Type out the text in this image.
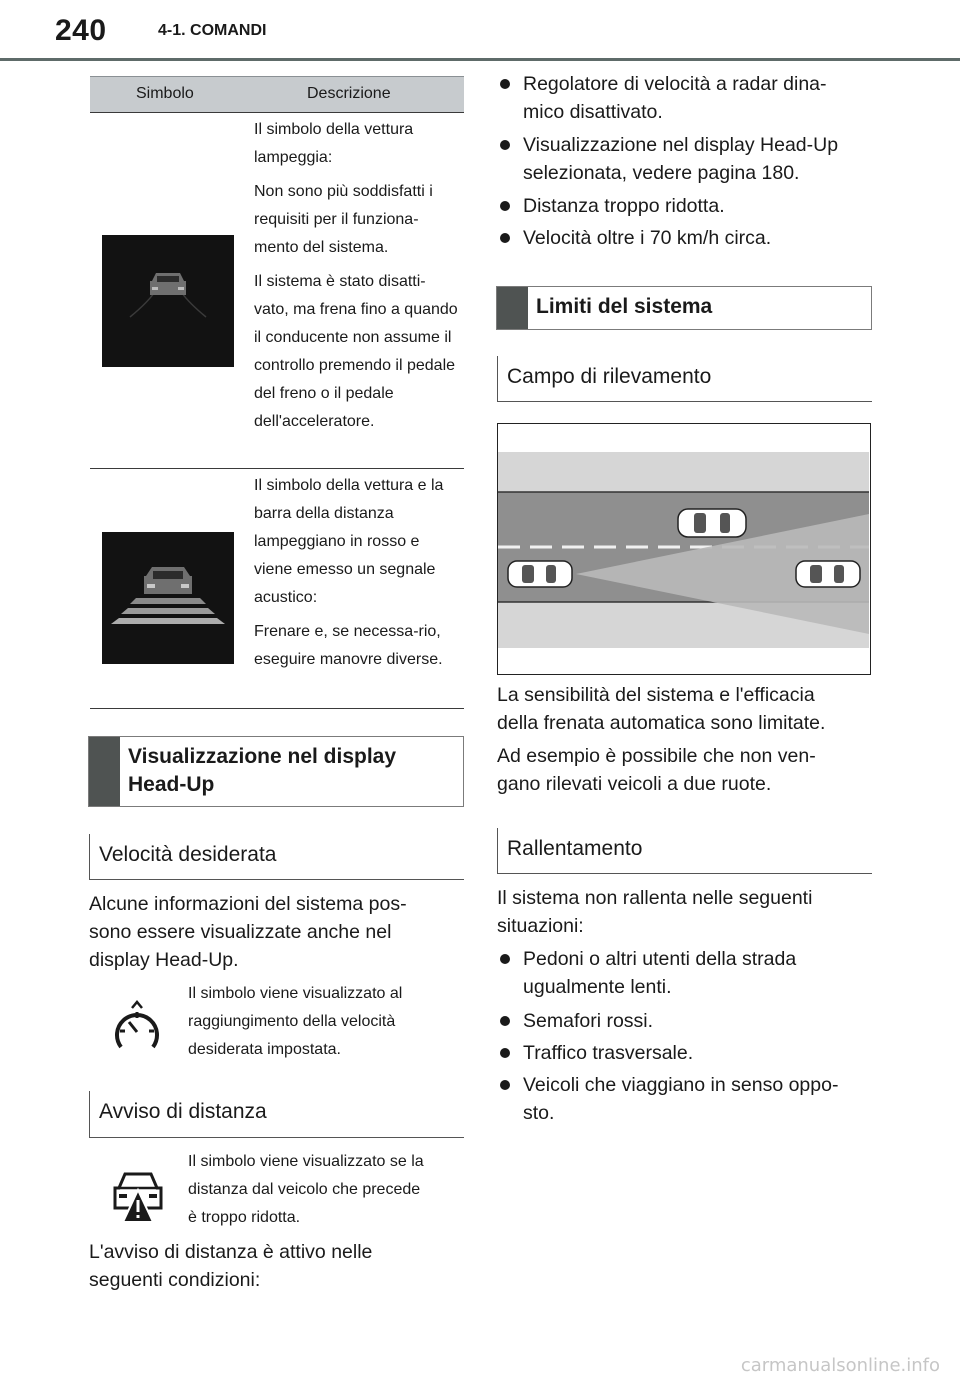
240	4-1. COMANDI
Simbolo	Descrizione

Il simbolo della vettura lampeggia:

Non sono più soddisfatti i requisiti per il funziona-mento del sistema.

Il sistema è stato disatti-vato, ma frena fino a quando il conducente non assume il controllo premendo il pedale del freno o il pedale dell'acceleratore.

Il simbolo della vettura e la barra della distanza lampeggiano in rosso e viene emesso un segnale acustico:

Frenare e, se necessa-rio, eseguire manovre diverse.

Visualizzazione nel display
Head-Up
Velocità desiderata
Alcune informazioni del sistema pos-
sono essere visualizzate anche nel
display Head-Up.
Il simbolo viene visualizzato al
raggiungimento della velocità
desiderata impostata.
Avviso di distanza
Il simbolo viene visualizzato se la
distanza dal veicolo che precede
è troppo ridotta.
L'avviso di distanza è attivo nelle
seguenti condizioni:
Regolatore di velocità a radar dina-
mico disattivato.
Visualizzazione nel display Head-Up
selezionata, vedere pagina 180.
Distanza troppo ridotta.
Velocità oltre i 70 km/h circa.
Limiti del sistema
Campo di rilevamento
La sensibilità del sistema e l'efficacia
della frenata automatica sono limitate.
Ad esempio è possibile che non ven-
gano rilevati veicoli a due ruote.
Rallentamento
Il sistema non rallenta nelle seguenti
situazioni:
Pedoni o altri utenti della strada
ugualmente lenti.
Semafori rossi.
Traffico trasversale.
Veicoli che viaggiano in senso oppo-
sto.
carmanualsonline.info
